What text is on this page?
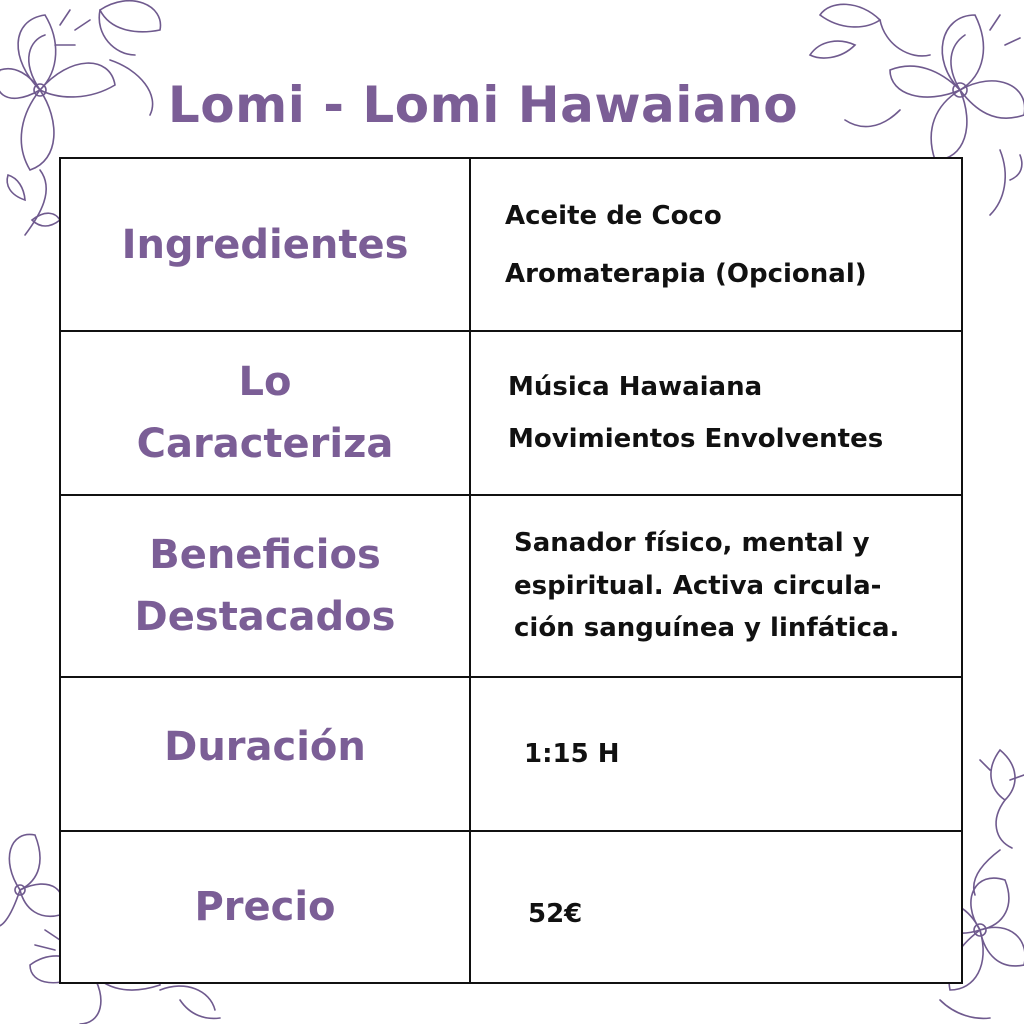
Lomi - Lomi Hawaiano
Ingredientes	Aceite de Coco
Aromaterapia (Opcional)

Lo
Caracteriza	Música Hawaiana
Movimientos Envolventes

Beneficios
Destacados	Sanador físico, mental y
espiritual. Activa circula-
ción sanguínea y linfática.

Duración	1:15 H

Precio	52€
